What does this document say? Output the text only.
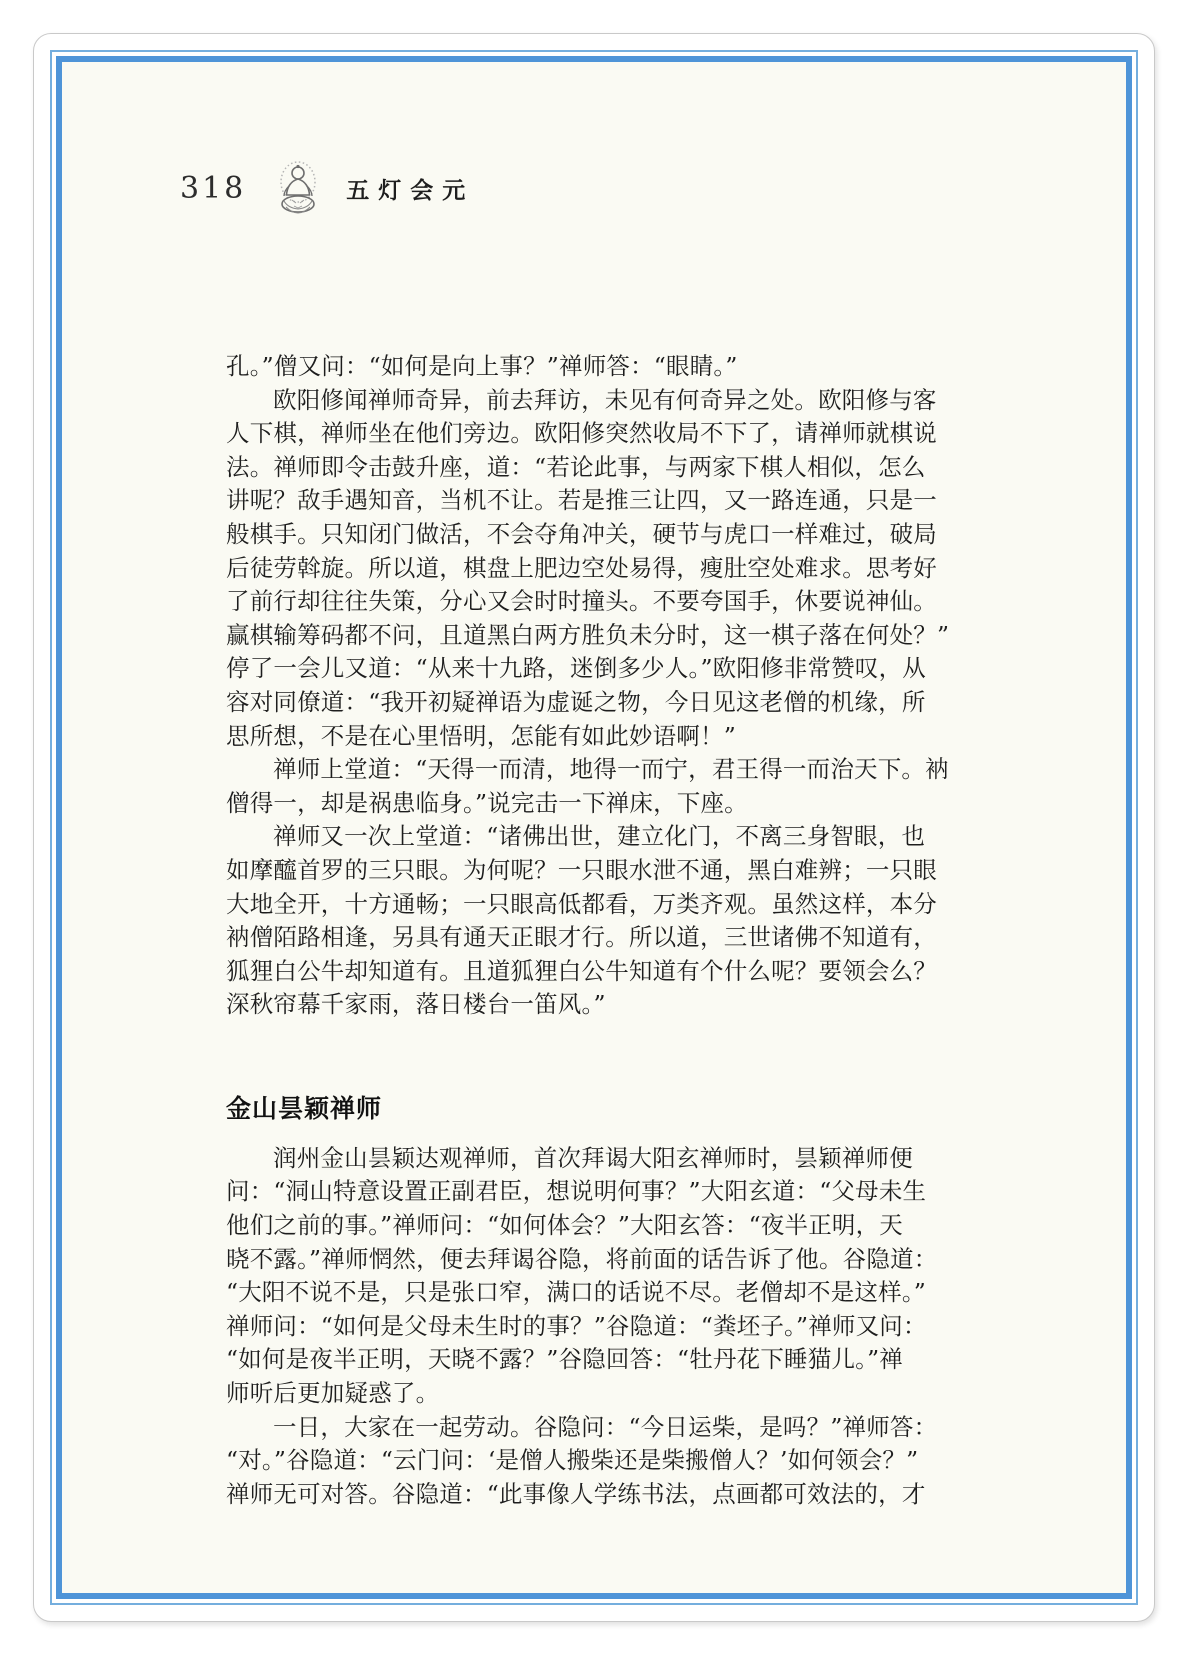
318	五灯会元
孔。”僧又问：“如何是向上事？”禅师答：“眼睛。”
欧阳修闻禅师奇异，前去拜访，未见有何奇异之处。欧阳修与客
人下棋，禅师坐在他们旁边。欧阳修突然收局不下了，请禅师就棋说
法。禅师即令击鼓升座，道：“若论此事，与两家下棋人相似，怎么
讲呢？敌手遇知音，当机不让。若是推三让四，又一路连通，只是一
般棋手。只知闭门做活，不会夺角冲关，硬节与虎口一样难过，破局
后徒劳斡旋。所以道，棋盘上肥边空处易得，瘦肚空处难求。思考好
了前行却往往失策，分心又会时时撞头。不要夸国手，休要说神仙。
赢棋输筹码都不问，且道黑白两方胜负未分时，这一棋子落在何处？”
停了一会儿又道：“从来十九路，迷倒多少人。”欧阳修非常赞叹，从
容对同僚道：“我开初疑禅语为虚诞之物，今日见这老僧的机缘，所
思所想，不是在心里悟明，怎能有如此妙语啊！”
禅师上堂道：“天得一而清，地得一而宁，君王得一而治天下。衲
僧得一，却是祸患临身。”说完击一下禅床，下座。
禅师又一次上堂道：“诸佛出世，建立化门，不离三身智眼，也
如摩醯首罗的三只眼。为何呢？一只眼水泄不通，黑白难辨；一只眼
大地全开，十方通畅；一只眼高低都看，万类齐观。虽然这样，本分
衲僧陌路相逢，另具有通天正眼才行。所以道，三世诸佛不知道有，
狐狸白公牛却知道有。且道狐狸白公牛知道有个什么呢？要领会么？
深秋帘幕千家雨，落日楼台一笛风。”
金山昙颖禅师
润州金山昙颖达观禅师，首次拜谒大阳玄禅师时，昙颖禅师便
问：“洞山特意设置正副君臣，想说明何事？”大阳玄道：“父母未生
他们之前的事。”禅师问：“如何体会？”大阳玄答：“夜半正明，天
晓不露。”禅师惘然，便去拜谒谷隐，将前面的话告诉了他。谷隐道：
“大阳不说不是，只是张口窄，满口的话说不尽。老僧却不是这样。”
禅师问：“如何是父母未生时的事？”谷隐道：“粪坯子。”禅师又问：
“如何是夜半正明，天晓不露？”谷隐回答：“牡丹花下睡猫儿。”禅
师听后更加疑惑了。
一日，大家在一起劳动。谷隐问：“今日运柴，是吗？”禅师答：
“对。”谷隐道：“云门问：‘是僧人搬柴还是柴搬僧人？’如何领会？”
禅师无可对答。谷隐道：“此事像人学练书法，点画都可效法的，才
